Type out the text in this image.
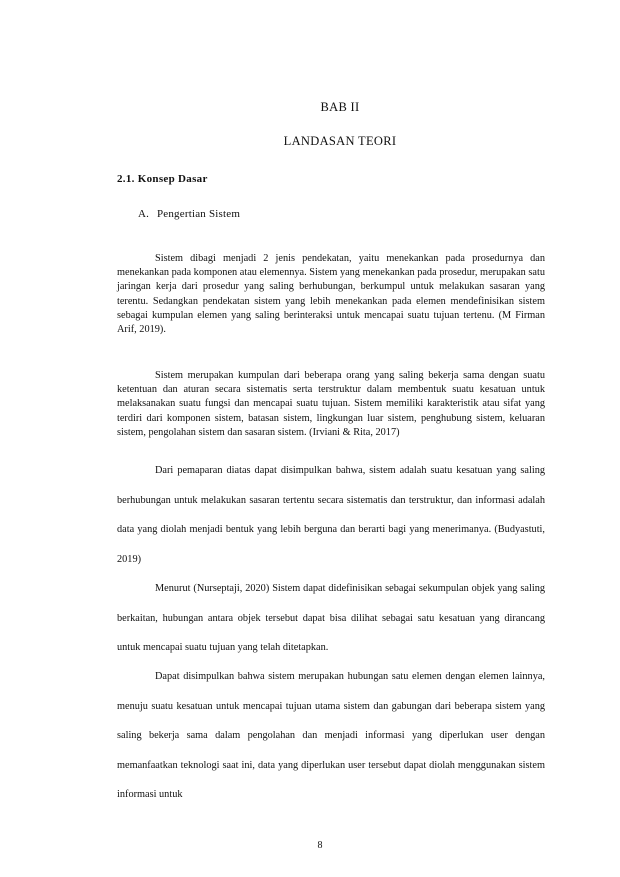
BAB II
LANDASAN TEORI
2.1. Konsep Dasar
A. Pengertian Sistem

Sistem dibagi menjadi 2 jenis pendekatan, yaitu menekankan pada prosedurnya dan menekankan pada komponen atau elemennya. Sistem yang menekankan pada prosedur, merupakan satu jaringan kerja dari prosedur yang saling berhubungan, berkumpul untuk melakukan sasaran yang terentu. Sedangkan pendekatan sistem yang lebih menekankan pada elemen mendefinisikan sistem sebagai kumpulan elemen yang saling berinteraksi untuk mencapai suatu tujuan tertenu. (M Firman Arif, 2019).

Sistem merupakan kumpulan dari beberapa orang yang saling bekerja sama dengan suatu ketentuan dan aturan secara sistematis serta terstruktur dalam membentuk suatu kesatuan untuk melaksanakan suatu fungsi dan mencapai suatu tujuan. Sistem memiliki karakteristik atau sifat yang terdiri dari komponen sistem, batasan sistem, lingkungan luar sistem, penghubung sistem, keluaran sistem, pengolahan sistem dan sasaran sistem. (Irviani & Rita, 2017)

Dari pemaparan diatas dapat disimpulkan bahwa, sistem adalah suatu kesatuan yang saling berhubungan untuk melakukan sasaran tertentu secara sistematis dan terstruktur, dan informasi adalah data yang diolah menjadi bentuk yang lebih berguna dan berarti bagi yang menerimanya. (Budyastuti, 2019)

Menurut (Nurseptaji, 2020) Sistem dapat didefinisikan sebagai sekumpulan objek yang saling berkaitan, hubungan antara objek tersebut dapat bisa dilihat sebagai satu kesatuan yang dirancang untuk mencapai suatu tujuan yang telah ditetapkan.

Dapat disimpulkan bahwa sistem merupakan hubungan satu elemen dengan elemen lainnya, menuju suatu kesatuan untuk mencapai tujuan utama sistem dan gabungan dari beberapa sistem yang saling bekerja sama dalam pengolahan dan menjadi informasi yang diperlukan user dengan memanfaatkan teknologi saat ini, data yang diperlukan user tersebut dapat diolah menggunakan sistem informasi untuk

8
